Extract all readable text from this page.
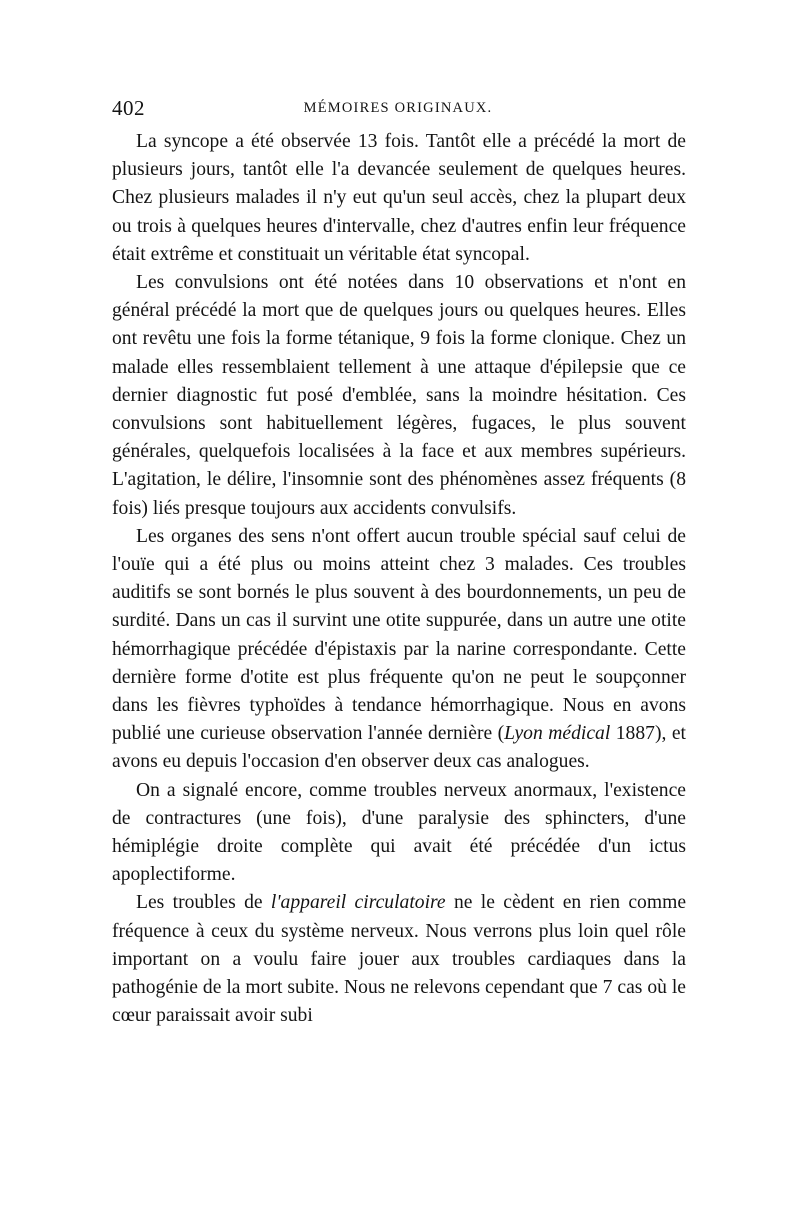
402	MÉMOIRES ORIGINAUX.

La syncope a été observée 13 fois. Tantôt elle a précédé la mort de plusieurs jours, tantôt elle l'a devancée seulement de quelques heures. Chez plusieurs malades il n'y eut qu'un seul accès, chez la plupart deux ou trois à quelques heures d'intervalle, chez d'autres enfin leur fréquence était extrême et constituait un véritable état syncopal.

Les convulsions ont été notées dans 10 observations et n'ont en général précédé la mort que de quelques jours ou quelques heures. Elles ont revêtu une fois la forme tétanique, 9 fois la forme clonique. Chez un malade elles ressemblaient tellement à une attaque d'épilepsie que ce dernier diagnostic fut posé d'emblée, sans la moindre hésitation. Ces convulsions sont habituellement légères, fugaces, le plus souvent générales, quelquefois localisées à la face et aux membres supérieurs. L'agitation, le délire, l'insomnie sont des phénomènes assez fréquents (8 fois) liés presque toujours aux accidents convulsifs.

Les organes des sens n'ont offert aucun trouble spécial sauf celui de l'ouïe qui a été plus ou moins atteint chez 3 malades. Ces troubles auditifs se sont bornés le plus souvent à des bourdonnements, un peu de surdité. Dans un cas il survint une otite suppurée, dans un autre une otite hémorrhagique précédée d'épistaxis par la narine correspondante. Cette dernière forme d'otite est plus fréquente qu'on ne peut le soupçonner dans les fièvres typhoïdes à tendance hémorrhagique. Nous en avons publié une curieuse observation l'année dernière (Lyon médical 1887), et avons eu depuis l'occasion d'en observer deux cas analogues.

On a signalé encore, comme troubles nerveux anormaux, l'existence de contractures (une fois), d'une paralysie des sphincters, d'une hémiplégie droite complète qui avait été précédée d'un ictus apoplectiforme.

Les troubles de l'appareil circulatoire ne le cèdent en rien comme fréquence à ceux du système nerveux. Nous verrons plus loin quel rôle important on a voulu faire jouer aux troubles cardiaques dans la pathogénie de la mort subite. Nous ne relevons cependant que 7 cas où le cœur paraissait avoir subi
